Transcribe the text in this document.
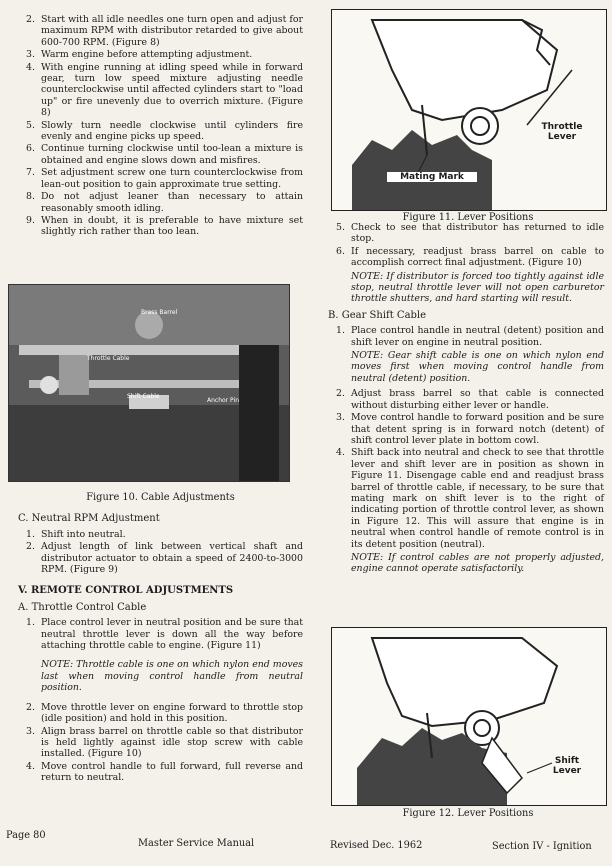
2. Start with all idle needles one turn open and adjust for maximum RPM with distributor retarded to give about 600-700 RPM. (Figure 8)
3. Warm engine before attempting adjustment.
4. With engine running at idling speed while in forward gear, turn low speed mixture adjusting needle counterclockwise until affected cylinders start to "load up" or fire unevenly due to overrich mixture. (Figure 8)
5. Slowly turn needle clockwise until cylinders fire evenly and engine picks up speed.
6. Continue turning clockwise until too-lean a mixture is obtained and engine slows down and misfires.
7. Set adjustment screw one turn counterclockwise from lean-out position to gain approximate true setting.
8. Do not adjust leaner than necessary to attain reasonably smooth idling.
9. When in doubt, it is preferable to have mixture set slightly rich rather than too lean.
Brass Barrel
Throttle Cable
Shift Cable
Anchor Pin
Figure 10. Cable Adjustments
C. Neutral RPM Adjustment
1. Shift into neutral.
2. Adjust length of link between vertical shaft and distributor actuator to obtain a speed of 2400-to-3000 RPM. (Figure 9)
V. REMOTE CONTROL ADJUSTMENTS
A. Throttle Control Cable
1. Place control lever in neutral position and be sure that neutral throttle lever is down all the way before attaching throttle cable to engine. (Figure 11)
NOTE: Throttle cable is one on which nylon end moves last when moving control handle from neutral position.
2. Move throttle lever on engine forward to throttle stop (idle position) and hold in this position.
3. Align brass barrel on throttle cable so that distributor is held lightly against idle stop screw with cable installed. (Figure 10)
4. Move control handle to full forward, full reverse and return to neutral.
Throttle Lever
Mating Mark
Figure 11. Lever Positions
5. Check to see that distributor has returned to idle stop.
6. If necessary, readjust brass barrel on cable to accomplish correct final adjustment. (Figure 10)
NOTE: If distributor is forced too tightly against idle stop, neutral throttle lever will not open carburetor throttle shutters, and hard starting will result.
B. Gear Shift Cable
1. Place control handle in neutral (detent) position and shift lever on engine in neutral position.
NOTE: Gear shift cable is one on which nylon end moves first when moving control handle from neutral (detent) position.
2. Adjust brass barrel so that cable is connected without disturbing either lever or handle.
3. Move control handle to forward position and be sure that detent spring is in forward notch (detent) of shift control lever plate in bottom cowl.
4. Shift back into neutral and check to see that throttle lever and shift lever are in position as shown in Figure 11. Disengage cable end and readjust brass barrel of throttle cable, if necessary, to be sure that mating mark on shift lever is to the right of indicating portion of throttle control lever, as shown in Figure 12. This will assure that engine is in neutral when control handle of remote control is in its detent position (neutral).
NOTE: If control cables are not properly adjusted, engine cannot operate satisfactorily.
Shift Lever
Figure 12. Lever Positions
Page 80
Master Service Manual	Revised Dec. 1962	Section IV - Ignition
